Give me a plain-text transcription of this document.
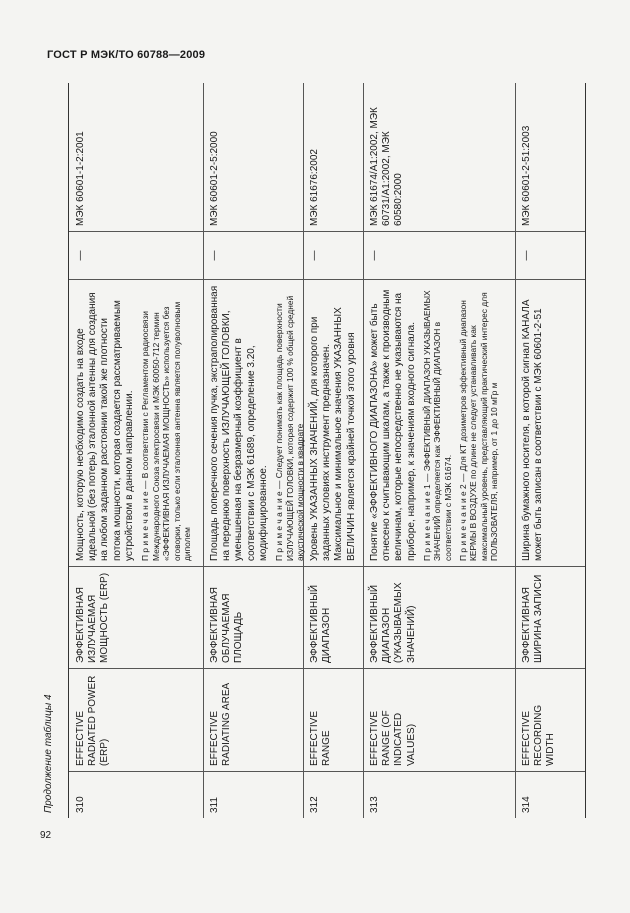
ГОСТ Р МЭК/ТО 60788—2009
Продолжение таблицы 4	310
EFFECTIVE RADIATED POWER (ERP)
ЭФФЕКТИВНАЯ ИЗЛУЧАЕМАЯ МОЩНОСТЬ (ERP)
Мощность, которую необходимо создать на входе идеальной (без потерь) эталонной антенны для создания на любом заданном расстоянии такой же плотности потока мощности, которая создается рассматриваемым устройством в данном направлении. П р и м е ч а н и е — В соответствии с Регламентом радиосвязи Международного Союза электросвязи и МЭК 60050-712 термин «ЭФФЕКТИВНАЯ ИЗЛУЧАЕМАЯ МОЩНОСТЬ» используется без оговорки, только если эталонная антенна является полуволновым диполем
—
МЭК 60601-1-2:2001
311
EFFECTIVE RADIATING AREA
ЭФФЕКТИВНАЯ ОБЛУЧАЕМАЯ ПЛОЩАДЬ
Площадь поперечного сечения пучка, экстраполированная на переднюю поверхность ИЗЛУЧАЮЩЕЙ ГОЛОВКИ, уменьшенная на безразмерный коэффициент в соответствии с МЭК 61689, определение 3.20, модифицированное. П р и м е ч а н и е — Следует понимать как площадь поверхности ИЗЛУЧАЮЩЕЙ ГОЛОВКИ, которая содержит 100 % общей средней акустической мощности в квадрате
—
МЭК 60601-2-5:2000
312
EFFECTIVE RANGE
ЭФФЕКТИВНЫЙ ДИАПАЗОН
Уровень УКАЗАННЫХ ЗНАЧЕНИЙ, для которого при заданных условиях инструмент предназначен. Максимальное и минимальное значения УКАЗАННЫХ ВЕЛИЧИН является крайней точкой этого уровня
—
МЭК 61676:2002
313
EFFECTIVE RANGE (OF INDICATED VALUES)
ЭФФЕКТИВНЫЙ ДИАПАЗОН (УКАЗЫВАЕМЫХ ЗНАЧЕНИЙ)
Понятие «ЭФФЕКТИВНОГО ДИАПАЗОНА» может быть отнесено к считывающим шкалам, а также к производным величинам, которые непосредственно не указываются на приборе, например, к значениям входного сигнала. П р и м е ч а н и е 1 — ЭФФЕКТИВНЫЙ ДИАПАЗОН УКАЗЫВАЕМЫХ ЗНАЧЕНИЙ определяется как ЭФФЕКТИВНЫЙ ДИАПАЗОН в соответствии с МЭК 61674. П р и м е ч а н и е 2 — Для КТ дозиметров эффективный диапазон КЕРМЫ В ВОЗДУХЕ по длине не следует устанавливать как максимальный уровень, представляющий практический интерес для ПОЛЬЗОВАТЕЛЯ, например, от 1 до 10 мГр м
—
МЭК 61674/А1:2002, МЭК 60731/А1:2002, МЭК 60580:2000
314
EFFECTIVE RECORDING WIDTH
ЭФФЕКТИВНАЯ ШИРИНА ЗАПИСИ
Ширина бумажного носителя, в которой сигнал КАНАЛА может быть записан в соответствии с МЭК 60601-2-51
—
МЭК 60601-2-51:2003
92
